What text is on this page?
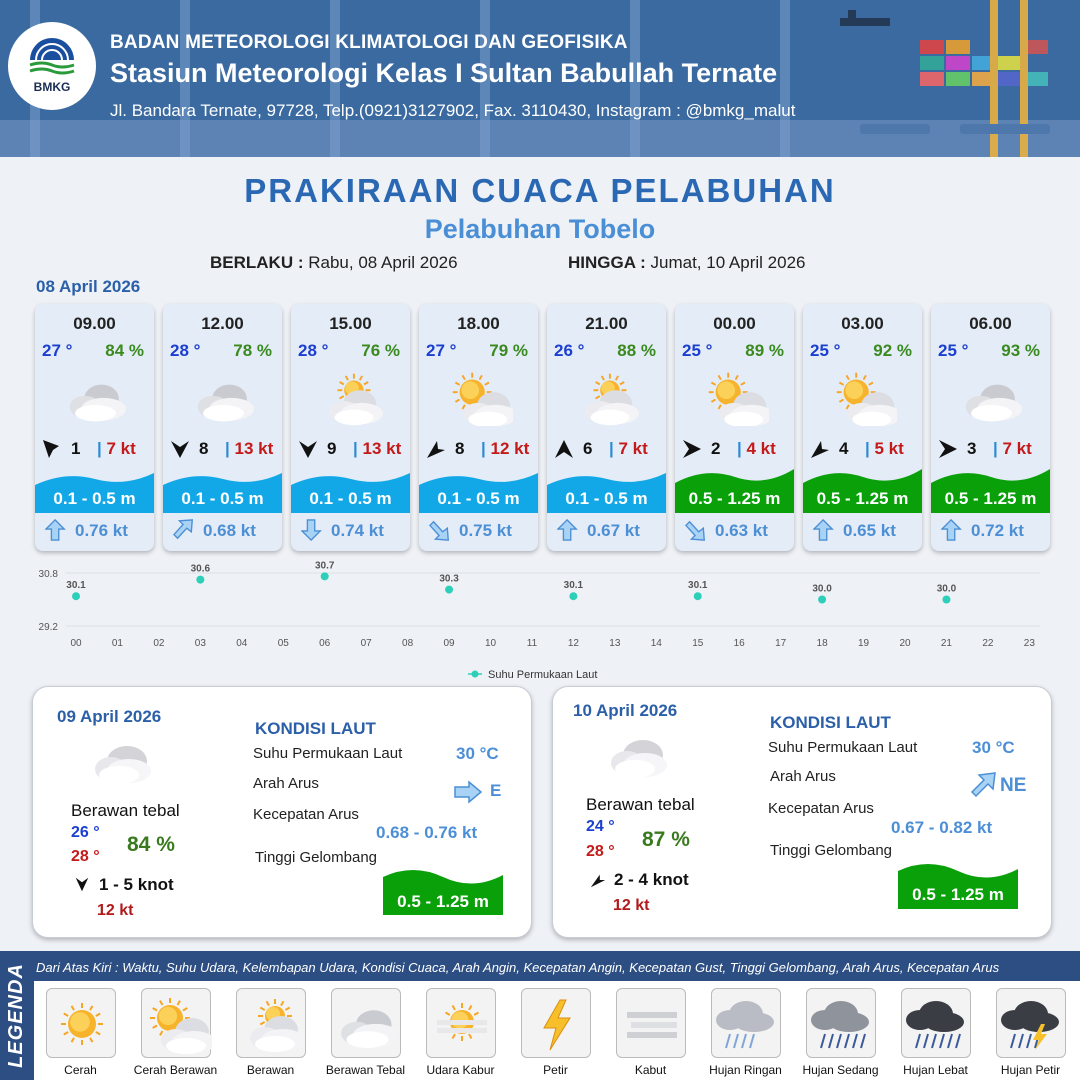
BMKG
BADAN METEOROLOGI KLIMATOLOGI DAN GEOFISIKA
Stasiun Meteorologi Kelas I Sultan Babullah Ternate
Jl. Bandara Ternate, 97728, Telp.(0921)3127902, Fax. 3110430, Instagram : @bmkg_malut
PRAKIRAAN CUACA PELABUHAN
Pelabuhan Tobelo
BERLAKU : Rabu, 08 April 2026	HINGGA : Jumat, 10 April 2026
08 April 2026
09.00
27 ° 84 %
1 | 7 kt
0.1 - 0.5 m
0.76 kt
12.00
28 ° 78 %
8 | 13 kt
0.1 - 0.5 m
0.68 kt
15.00
28 ° 76 %
9 | 13 kt
0.1 - 0.5 m
0.74 kt
18.00
27 ° 79 %
8 | 12 kt
0.1 - 0.5 m
0.75 kt
21.00
26 ° 88 %
6 | 7 kt
0.1 - 0.5 m
0.67 kt
00.00
25 ° 89 %
2 | 4 kt
0.5 - 1.25 m
0.63 kt
03.00
25 ° 92 %
4 | 5 kt
0.5 - 1.25 m
0.65 kt
06.00
25 ° 93 %
3 | 7 kt
0.5 - 1.25 m
0.72 kt
30.8
29.2
00	01	02	03	04	05	06	07	08	09	10	11	12	13	14	15	16	17	18	19	20	21	22	23
30.1
30.6	30.7
30.3
30.1	30.1	30.0	30.0
Suhu Permukaan Laut
09 April 2026
Berawan tebal
26 °
28 °
84 %
1 - 5 knot
12 kt
KONDISI LAUT
Suhu Permukaan Laut	30 °C
Arah Arus	E
Kecepatan Arus
0.68 - 0.76 kt
Tinggi Gelombang
0.5 - 1.25 m
10 April 2026
Berawan tebal
24 °
28 °
87 %
2 - 4 knot
12 kt
KONDISI LAUT
Suhu Permukaan Laut	30 °C
Arah Arus	NE
Kecepatan Arus
0.67 - 0.82 kt
Tinggi Gelombang
0.5 - 1.25 m
LEGENDA Dari Atas Kiri : Waktu, Suhu Udara, Kelembapan Udara, Kondisi Cuaca, Arah Angin, Kecepatan Angin, Kecepatan Gust, Tinggi Gelombang, Arah Arus, Kecepatan Arus
Cerah	Cerah Berawan	Berawan	Berawan Tebal	Udara Kabur	Petir	Kabut	Hujan Ringan	Hujan Sedang	Hujan Lebat	Hujan Petir
